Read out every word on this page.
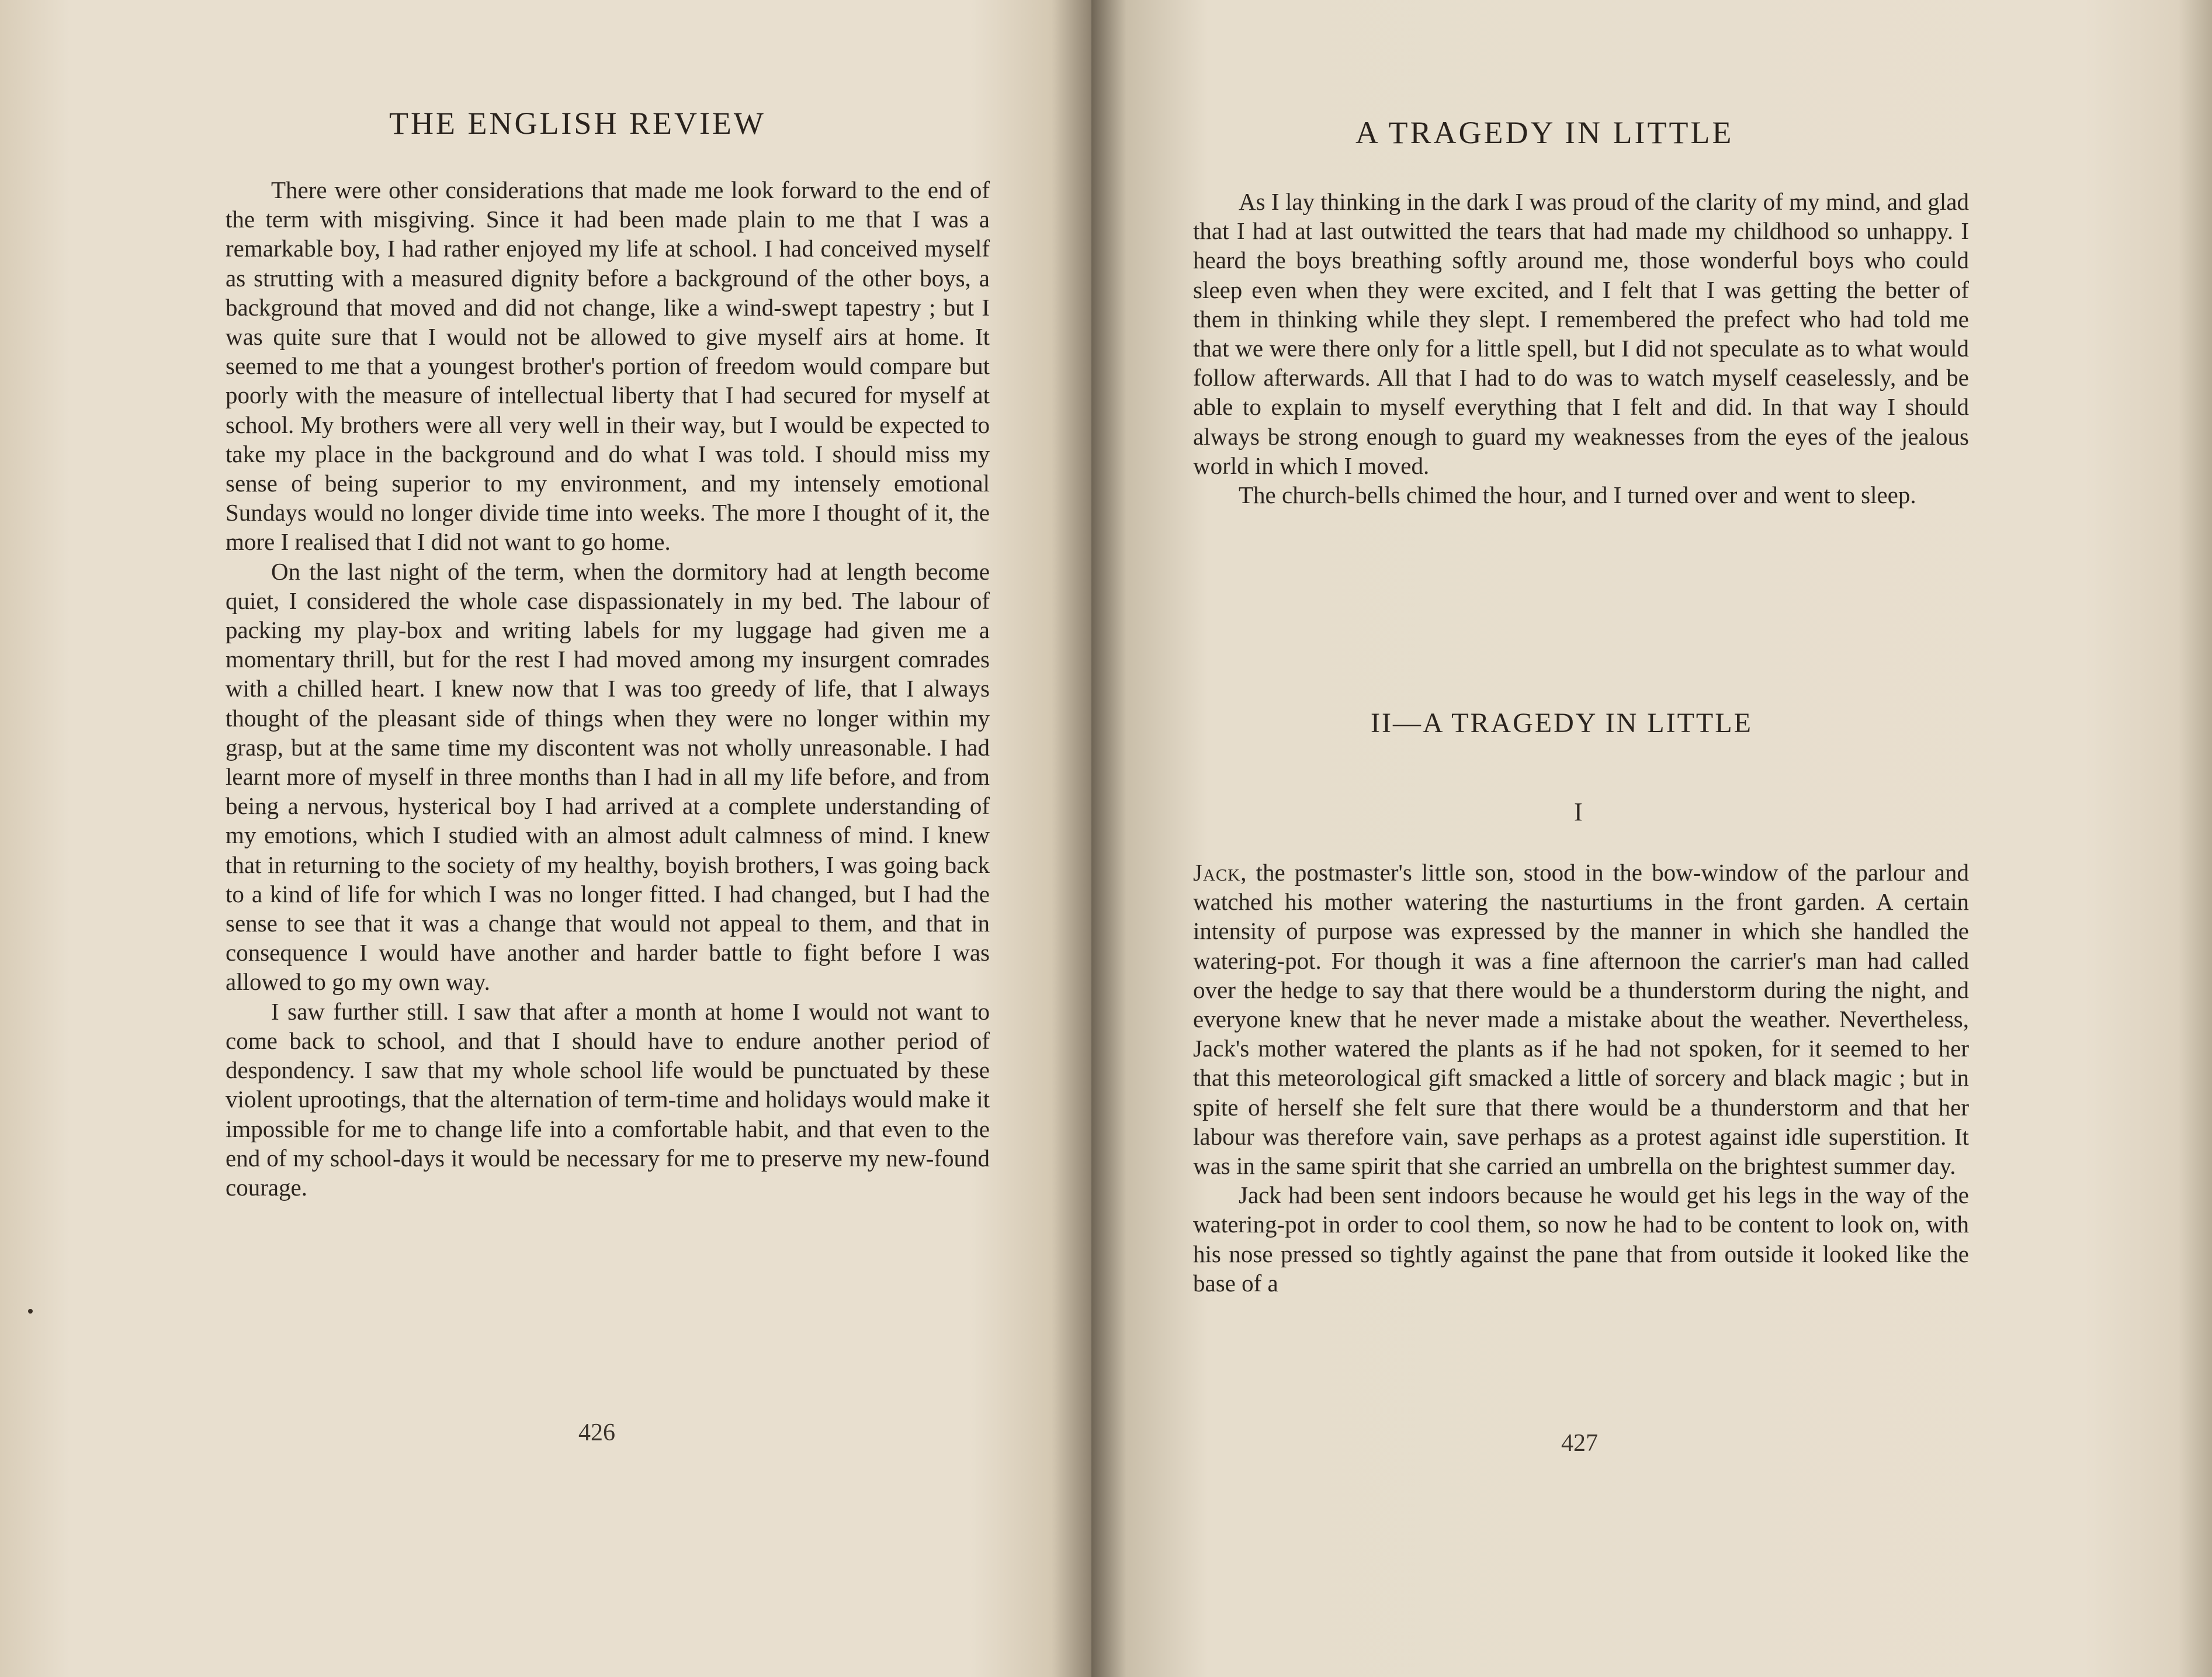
THE ENGLISH REVIEW

There were other considerations that made me look forward to the end of the term with misgiving. Since it had been made plain to me that I was a remarkable boy, I had rather enjoyed my life at school. I had conceived myself as strutting with a measured dignity before a background of the other boys, a background that moved and did not change, like a wind-swept tapestry ; but I was quite sure that I would not be allowed to give myself airs at home. It seemed to me that a youngest brother's portion of freedom would compare but poorly with the measure of intellectual liberty that I had secured for myself at school. My brothers were all very well in their way, but I would be expected to take my place in the background and do what I was told. I should miss my sense of being superior to my environment, and my intensely emotional Sundays would no longer divide time into weeks. The more I thought of it, the more I realised that I did not want to go home.

On the last night of the term, when the dormitory had at length become quiet, I considered the whole case dispassionately in my bed. The labour of packing my play-box and writing labels for my luggage had given me a momentary thrill, but for the rest I had moved among my insurgent comrades with a chilled heart. I knew now that I was too greedy of life, that I always thought of the pleasant side of things when they were no longer within my grasp, but at the same time my discontent was not wholly unreasonable. I had learnt more of myself in three months than I had in all my life before, and from being a nervous, hysterical boy I had arrived at a complete understanding of my emotions, which I studied with an almost adult calmness of mind. I knew that in returning to the society of my healthy, boyish brothers, I was going back to a kind of life for which I was no longer fitted. I had changed, but I had the sense to see that it was a change that would not appeal to them, and that in consequence I would have another and harder battle to fight before I was allowed to go my own way.

I saw further still. I saw that after a month at home I would not want to come back to school, and that I should have to endure another period of despondency. I saw that my whole school life would be punctuated by these violent uprootings, that the alternation of term-time and holidays would make it impossible for me to change life into a comfortable habit, and that even to the end of my school-days it would be necessary for me to preserve my new-found courage.

426
A TRAGEDY IN LITTLE

As I lay thinking in the dark I was proud of the clarity of my mind, and glad that I had at last outwitted the tears that had made my childhood so unhappy. I heard the boys breathing softly around me, those wonderful boys who could sleep even when they were excited, and I felt that I was getting the better of them in thinking while they slept. I remembered the prefect who had told me that we were there only for a little spell, but I did not speculate as to what would follow afterwards. All that I had to do was to watch myself ceaselessly, and be able to explain to myself everything that I felt and did. In that way I should always be strong enough to guard my weaknesses from the eyes of the jealous world in which I moved.

The church-bells chimed the hour, and I turned over and went to sleep.

II—A TRAGEDY IN LITTLE
I

Jack, the postmaster's little son, stood in the bow-window of the parlour and watched his mother watering the nasturtiums in the front garden. A certain intensity of purpose was expressed by the manner in which she handled the watering-pot. For though it was a fine afternoon the carrier's man had called over the hedge to say that there would be a thunderstorm during the night, and everyone knew that he never made a mistake about the weather. Nevertheless, Jack's mother watered the plants as if he had not spoken, for it seemed to her that this meteorological gift smacked a little of sorcery and black magic ; but in spite of herself she felt sure that there would be a thunderstorm and that her labour was therefore vain, save perhaps as a protest against idle superstition. It was in the same spirit that she carried an umbrella on the brightest summer day.

Jack had been sent indoors because he would get his legs in the way of the watering-pot in order to cool them, so now he had to be content to look on, with his nose pressed so tightly against the pane that from outside it looked like the base of a

427
